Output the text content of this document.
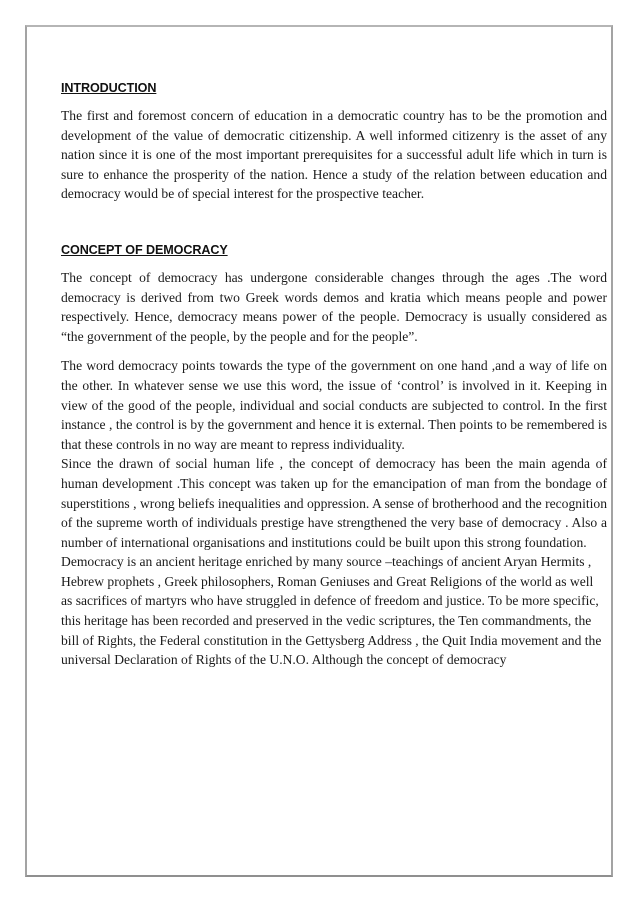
INTRODUCTION

The first and foremost concern of education in a democratic country has to be the promotion and development of the value of democratic citizenship. A well informed citizenry is the asset of any nation since it is one of the most important prerequisites for a successful adult life which in turn is sure to enhance the prosperity of the nation. Hence a study of the relation between education and democracy would be of special interest for the prospective teacher.

CONCEPT OF DEMOCRACY

The concept of democracy has undergone considerable changes through the ages .The word democracy is derived from two Greek words demos and kratia which means people and power respectively. Hence, democracy means power of the people. Democracy is usually considered as “the government of the people, by the people and for the people”.

The word democracy points towards the type of the government on one hand ,and a way of life on the other. In whatever sense we use this word, the issue of ‘control’ is involved in it. Keeping in view of the good of the people, individual and social conducts are subjected to control. In the first instance , the control is by the government and hence it is external. Then points to be remembered is that these controls in no way are meant to repress individuality.

Since the drawn of social human life , the concept of democracy has been the main agenda of human development .This concept was taken up for the emancipation of man from the bondage of superstitions , wrong beliefs inequalities and oppression. A sense of brotherhood and the recognition of the supreme worth of individuals prestige have strengthened the very base of democracy . Also a number of international organisations and institutions could be built upon this strong foundation.

Democracy is an ancient heritage enriched by many source –teachings of ancient Aryan Hermits , Hebrew prophets , Greek philosophers, Roman Geniuses and Great Religions of the world as well as sacrifices of martyrs who have struggled in defence of freedom and justice. To be more specific, this heritage has been recorded and preserved in the vedic scriptures, the Ten commandments, the bill of Rights, the Federal constitution in the Gettysberg Address , the Quit India movement and the universal Declaration of Rights of the U.N.O. Although the concept of democracy
